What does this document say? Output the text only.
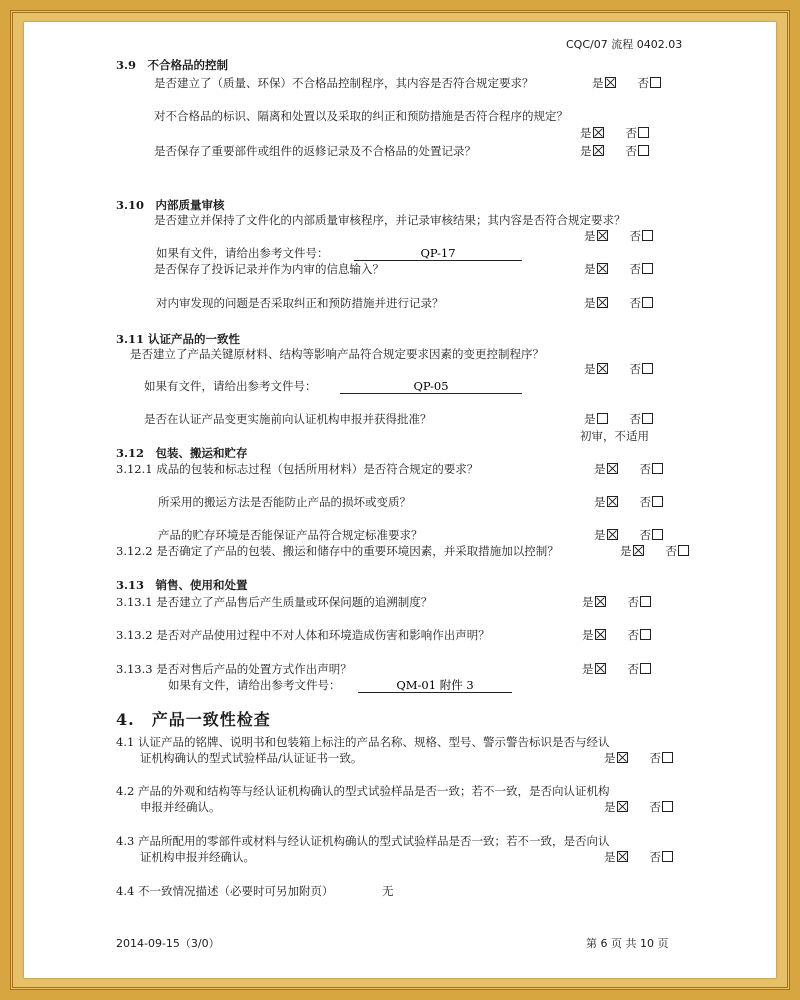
CQC/07 流程 0402.03
3.9　不合格品的控制
是否建立了（质量、环保）不合格品控制程序，其内容是否符合规定要求？	是	否
对不合格品的标识、隔离和处置以及采取的纠正和预防措施是否符合程序的规定？
是	否
是否保存了重要部件或组件的返修记录及不合格品的处置记录？	是	否
3.10　内部质量审核
是否建立并保持了文件化的内部质量审核程序，并记录审核结果；其内容是否符合规定要求？
是	否
如果有文件，请给出参考文件号：	QP-17
是否保存了投诉记录并作为内审的信息输入？	是	否
对内审发现的问题是否采取纠正和预防措施并进行记录？	是	否
3.11 认证产品的一致性
是否建立了产品关键原材料、结构等影响产品符合规定要求因素的变更控制程序？
是	否
如果有文件，请给出参考文件号：	QP-05
是否在认证产品变更实施前向认证机构申报并获得批准？	是	否
初审，不适用
3.12　包装、搬运和贮存
3.12.1 成品的包装和标志过程（包括所用材料）是否符合规定的要求？	是	否
所采用的搬运方法是否能防止产品的损坏或变质？	是	否
产品的贮存环境是否能保证产品符合规定标准要求？	是	否
3.12.2 是否确定了产品的包装、搬运和储存中的重要环境因素，并采取措施加以控制？	是	否
3.13　销售、使用和处置
3.13.1 是否建立了产品售后产生质量或环保问题的追溯制度？	是	否
3.13.2 是否对产品使用过程中不对人体和环境造成伤害和影响作出声明？	是	否
3.13.3 是否对售后产品的处置方式作出声明？	是	否
如果有文件，请给出参考文件号：	QM-01 附件 3
4.　产品一致性检查
4.1 认证产品的铭牌、说明书和包装箱上标注的产品名称、规格、型号、警示警告标识是否与经认
证机构确认的型式试验样品/认证证书一致。	是	否
4.2 产品的外观和结构等与经认证机构确认的型式试验样品是否一致；若不一致，是否向认证机构
申报并经确认。	是	否
4.3 产品所配用的零部件或材料与经认证机构确认的型式试验样品是否一致；若不一致，是否向认
证机构申报并经确认。	是	否
4.4 不一致情况描述（必要时可另加附页）	无
2014-09-15（3/0）	第 6 页 共 10 页
